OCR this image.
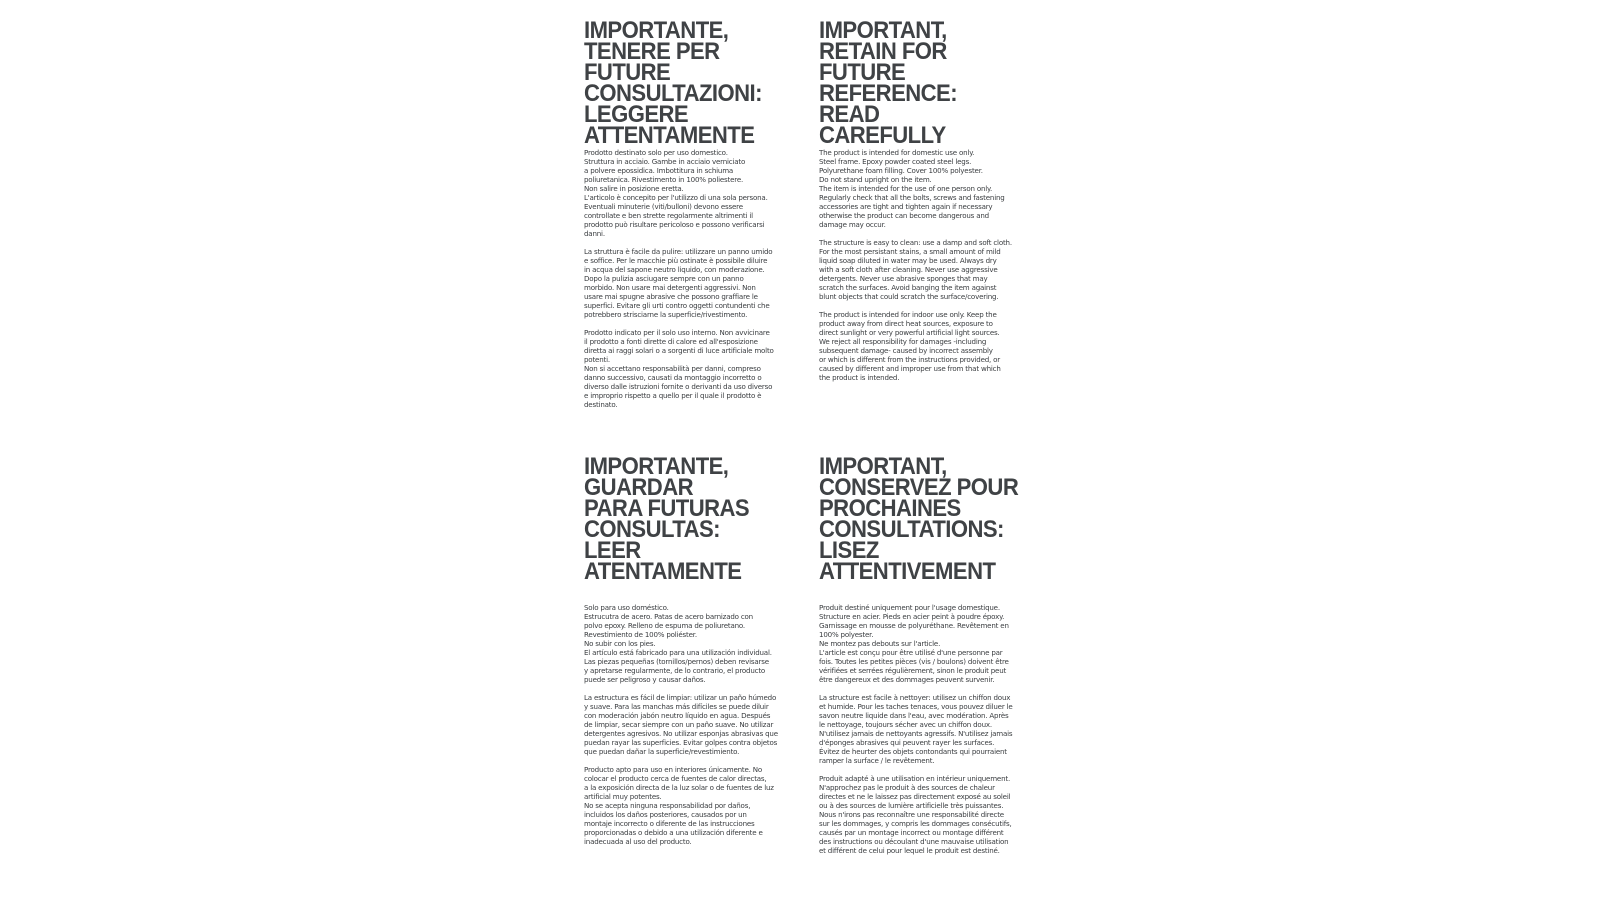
IMPORTANTE,
TENERE PER FUTURE
CONSULTAZIONI:
LEGGERE
ATTENTAMENTE

Prodotto destinato solo per uso domestico.
Struttura in acciaio. Gambe in acciaio verniciato
a polvere epossidica. Imbottitura in schiuma
poliuretanica. Rivestimento in 100% poliestere.
Non salire in posizione eretta.
L'articolo è concepito per l'utilizzo di una sola persona.
Eventuali minuterie (viti/bulloni) devono essere
controllate e ben strette regolarmente altrimenti il
prodotto può risultare pericoloso e possono verificarsi
danni.

La struttura è facile da pulire: utilizzare un panno umido
e soffice. Per le macchie più ostinate è possibile diluire
in acqua del sapone neutro liquido, con moderazione.
Dopo la pulizia asciugare sempre con un panno
morbido. Non usare mai detergenti aggressivi. Non
usare mai spugne abrasive che possono graffiare le
superfici. Evitare gli urti contro oggetti contundenti che
potrebbero strisciarne la superficie/rivestimento.

Prodotto indicato per il solo uso interno. Non avvicinare
il prodotto a fonti dirette di calore ed all'esposizione
diretta ai raggi solari o a sorgenti di luce artificiale molto
potenti.
Non si accettano responsabilità per danni, compreso
danno successivo, causati da montaggio incorretto o
diverso dalle istruzioni fornite o derivanti da uso diverso
e improprio rispetto a quello per il quale il prodotto è
destinato.

IMPORTANT,
RETAIN FOR FUTURE
REFERENCE:
READ
CAREFULLY

The product is intended for domestic use only.
Steel frame. Epoxy powder coated steel legs.
Polyurethane foam filling. Cover 100% polyester.
Do not stand upright on the item.
The item is intended for the use of one person only.
Regularly check that all the bolts, screws and fastening
accessories are tight and tighten again if necessary
otherwise the product can become dangerous and
damage may occur.

The structure is easy to clean: use a damp and soft cloth.
For the most persistant stains, a small amount of mild
liquid soap diluted in water may be used. Always dry
with a soft cloth after cleaning. Never use aggressive
detergents. Never use abrasive sponges that may
scratch the surfaces. Avoid banging the item against
blunt objects that could scratch the surface/covering.

The product is intended for indoor use only. Keep the
product away from direct heat sources, exposure to
direct sunlight or very powerful artificial light sources.
We reject all responsibility for damages -including
subsequent damage- caused by incorrect assembly
or which is different from the instructions provided, or
caused by different and improper use from that which
the product is intended.

IMPORTANTE,
GUARDAR
PARA FUTURAS
CONSULTAS:
LEER
ATENTAMENTE

Solo para uso doméstico.
Estrucutra de acero. Patas de acero barnizado con
polvo epoxy. Relleno de espuma de poliuretano.
Revestimiento de 100% poliéster.
No subir con los pies.
El artículo está fabricado para una utilización individual.
Las piezas pequeñas (tornillos/pernos) deben revisarse
y apretarse regularmente, de lo contrario, el producto
puede ser peligroso y causar daños.

La estructura es fácil de limpiar: utilizar un paño húmedo
y suave. Para las manchas más difíciles se puede diluir
con moderación jabón neutro líquido en agua. Después
de limpiar, secar siempre con un paño suave. No utilizar
detergentes agresivos. No utilizar esponjas abrasivas que
puedan rayar las superficies. Evitar golpes contra objetos
que puedan dañar la superficie/revestimiento.

Producto apto para uso en interiores únicamente. No
colocar el producto cerca de fuentes de calor directas,
a la exposición directa de la luz solar o de fuentes de luz
artificial muy potentes.
No se acepta ninguna responsabilidad por daños,
incluidos los daños posteriores, causados por un
montaje incorrecto o diferente de las instrucciones
proporcionadas o debido a una utilización diferente e
inadecuada al uso del producto.

IMPORTANT,
CONSERVEZ POUR
PROCHAINES
CONSULTATIONS:
LISEZ
ATTENTIVEMENT

Produit destiné uniquement pour l'usage domestique.
Structure en acier. Pieds en acier peint à poudre époxy.
Garnissage en mousse de polyuréthane. Revêtement en
100% polyester.
Ne montez pas debouts sur l'article.
L'article est conçu pour être utilisé d'une personne par
fois. Toutes les petites pièces (vis / boulons) doivent être
vérifiées et serrées régulièrement, sinon le produit peut
être dangereux et des dommages peuvent survenir.

La structure est facile à nettoyer: utilisez un chiffon doux
et humide. Pour les taches tenaces, vous pouvez diluer le
savon neutre liquide dans l'eau, avec modération. Après
le nettoyage, toujours sécher avec un chiffon doux.
N'utilisez jamais de nettoyants agressifs. N'utilisez jamais
d'éponges abrasives qui peuvent rayer les surfaces.
Évitez de heurter des objets contondants qui pourraient
ramper la surface / le revêtement.

Produit adapté à une utilisation en intérieur uniquement.
N'approchez pas le produit à des sources de chaleur
directes et ne le laissez pas directement exposé au soleil
ou à des sources de lumière artificielle très puissantes.
Nous n'irons pas reconnaître une responsabilité directe
sur les dommages, y compris les dommages consécutifs,
causés par un montage incorrect ou montage différent
des instructions ou découlant d'une mauvaise utilisation
et différent de celui pour lequel le produit est destiné.
